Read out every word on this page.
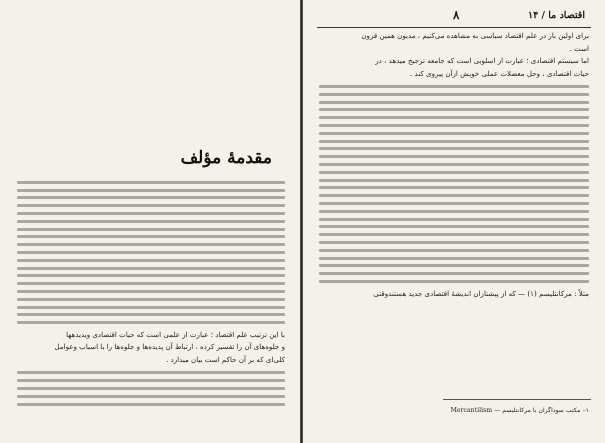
مقدمۀ مؤلف
با این ترتیب علم اقتصاد ؛ عبارت از علمی است که حیات اقتصادی ویدیدهها
و جلوه‌های آن را تفسیر کرده ، ارتباط آن پدیده‌ها و جلوه‌ها را با اسباب وعوامل
کلی‌ای که بر آن حاکم است بیان میدارد .
اقتصاد ما / ۱۴
۸
برای اولین بار در علم اقتصاد سیاسی به مشاهده می‌کنیم ، مدیون همین قرون
است .
اما سیستم اقتصادی ؛ عبارت از اسلوبی است که جامعه ترجیح میدهد ، در
حیات اقتصادی ، وحل معضلات عملی خویش ازآن پیروی کند .
مثلاً : مرکانتلیسم (١) — که از پیشتازان اندیشۀ اقتصادی جدید هستندوقتی
١– مکتب سوداگران یا مرکانتلیسم — Mercantilism
